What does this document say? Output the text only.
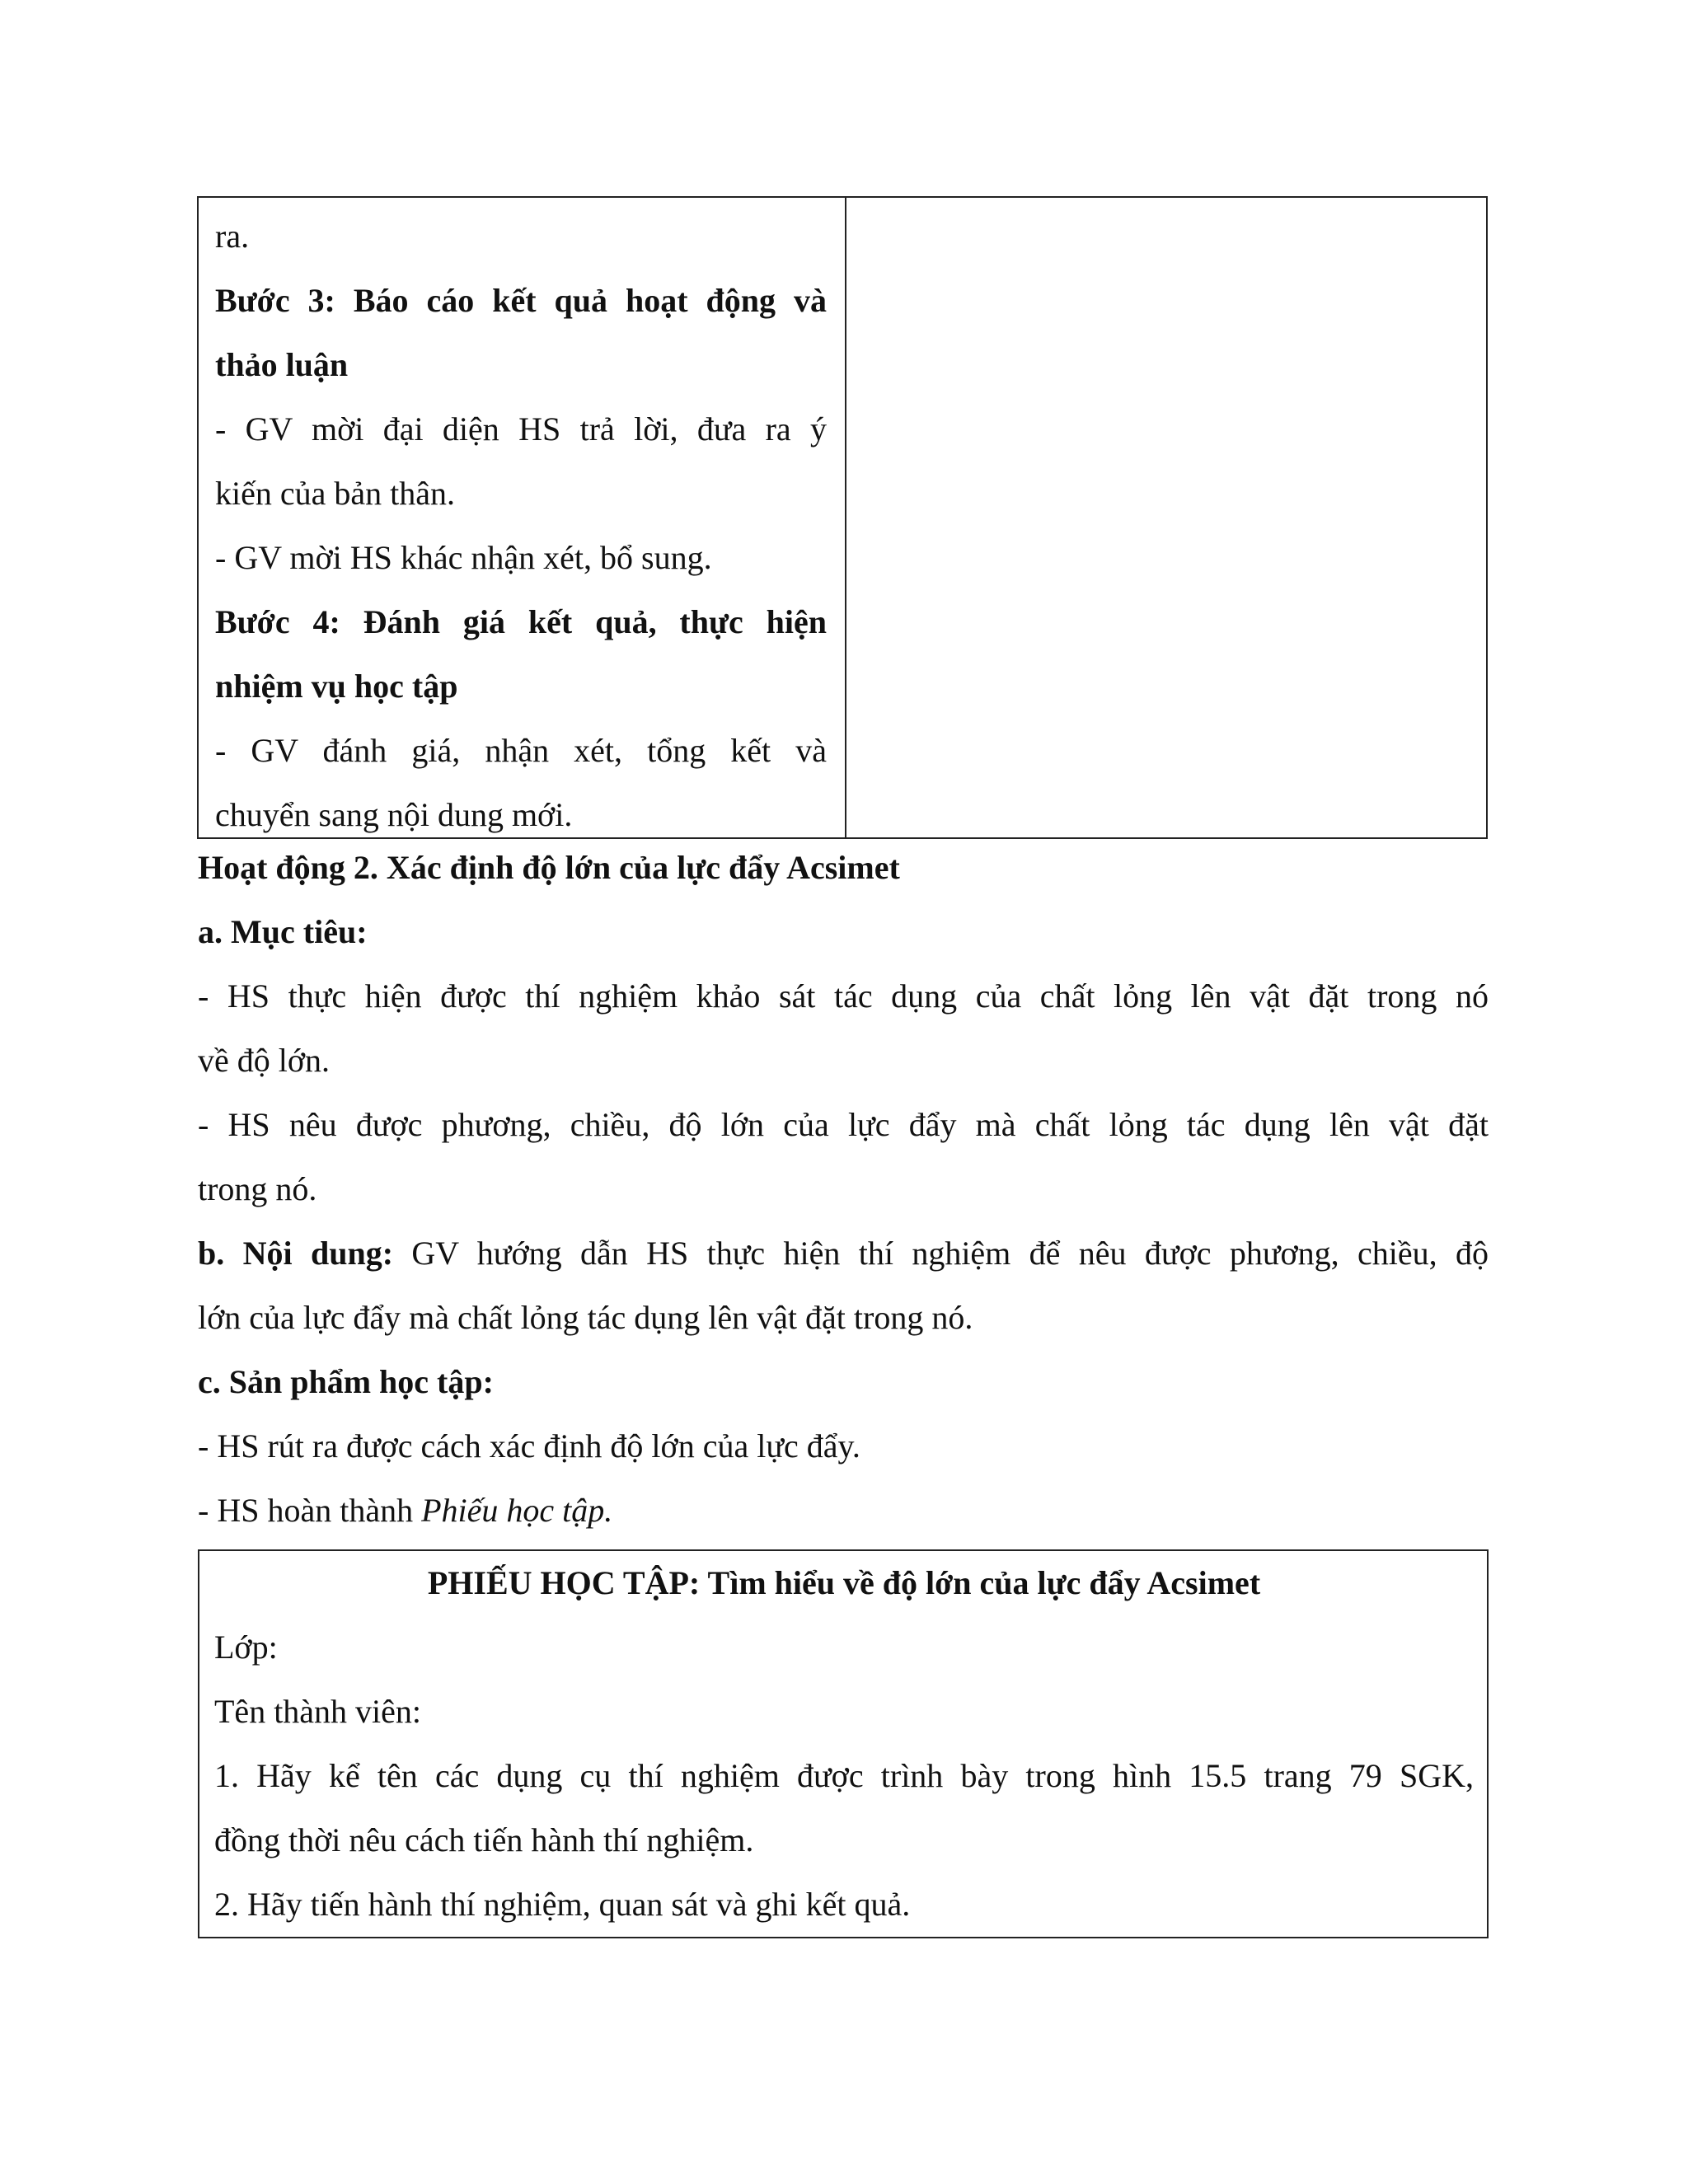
ra.
Bước 3: Báo cáo kết quả hoạt động và
thảo luận
- GV mời đại diện HS trả lời, đưa ra ý
kiến của bản thân.
- GV mời HS khác nhận xét, bổ sung.
Bước 4: Đánh giá kết quả, thực hiện
nhiệm vụ học tập
- GV đánh giá, nhận xét, tổng kết và
chuyển sang nội dung mới.
Hoạt động 2. Xác định độ lớn của lực đẩy Acsimet
a. Mục tiêu:
- HS thực hiện được thí nghiệm khảo sát tác dụng của chất lỏng lên vật đặt trong nó
về độ lớn.
- HS nêu được phương, chiều, độ lớn của lực đẩy mà chất lỏng tác dụng lên vật đặt
trong nó.
b. Nội dung: GV hướng dẫn HS thực hiện thí nghiệm để nêu được phương, chiều, độ
lớn của lực đẩy mà chất lỏng tác dụng lên vật đặt trong nó.
c. Sản phẩm học tập:
- HS rút ra được cách xác định độ lớn của lực đẩy.
- HS hoàn thành Phiếu học tập.
PHIẾU HỌC TẬP: Tìm hiểu về độ lớn của lực đẩy Acsimet
Lớp:
Tên thành viên:
1. Hãy kể tên các dụng cụ thí nghiệm được trình bày trong hình 15.5 trang 79 SGK,
đồng thời nêu cách tiến hành thí nghiệm.
2. Hãy tiến hành thí nghiệm, quan sát và ghi kết quả.
